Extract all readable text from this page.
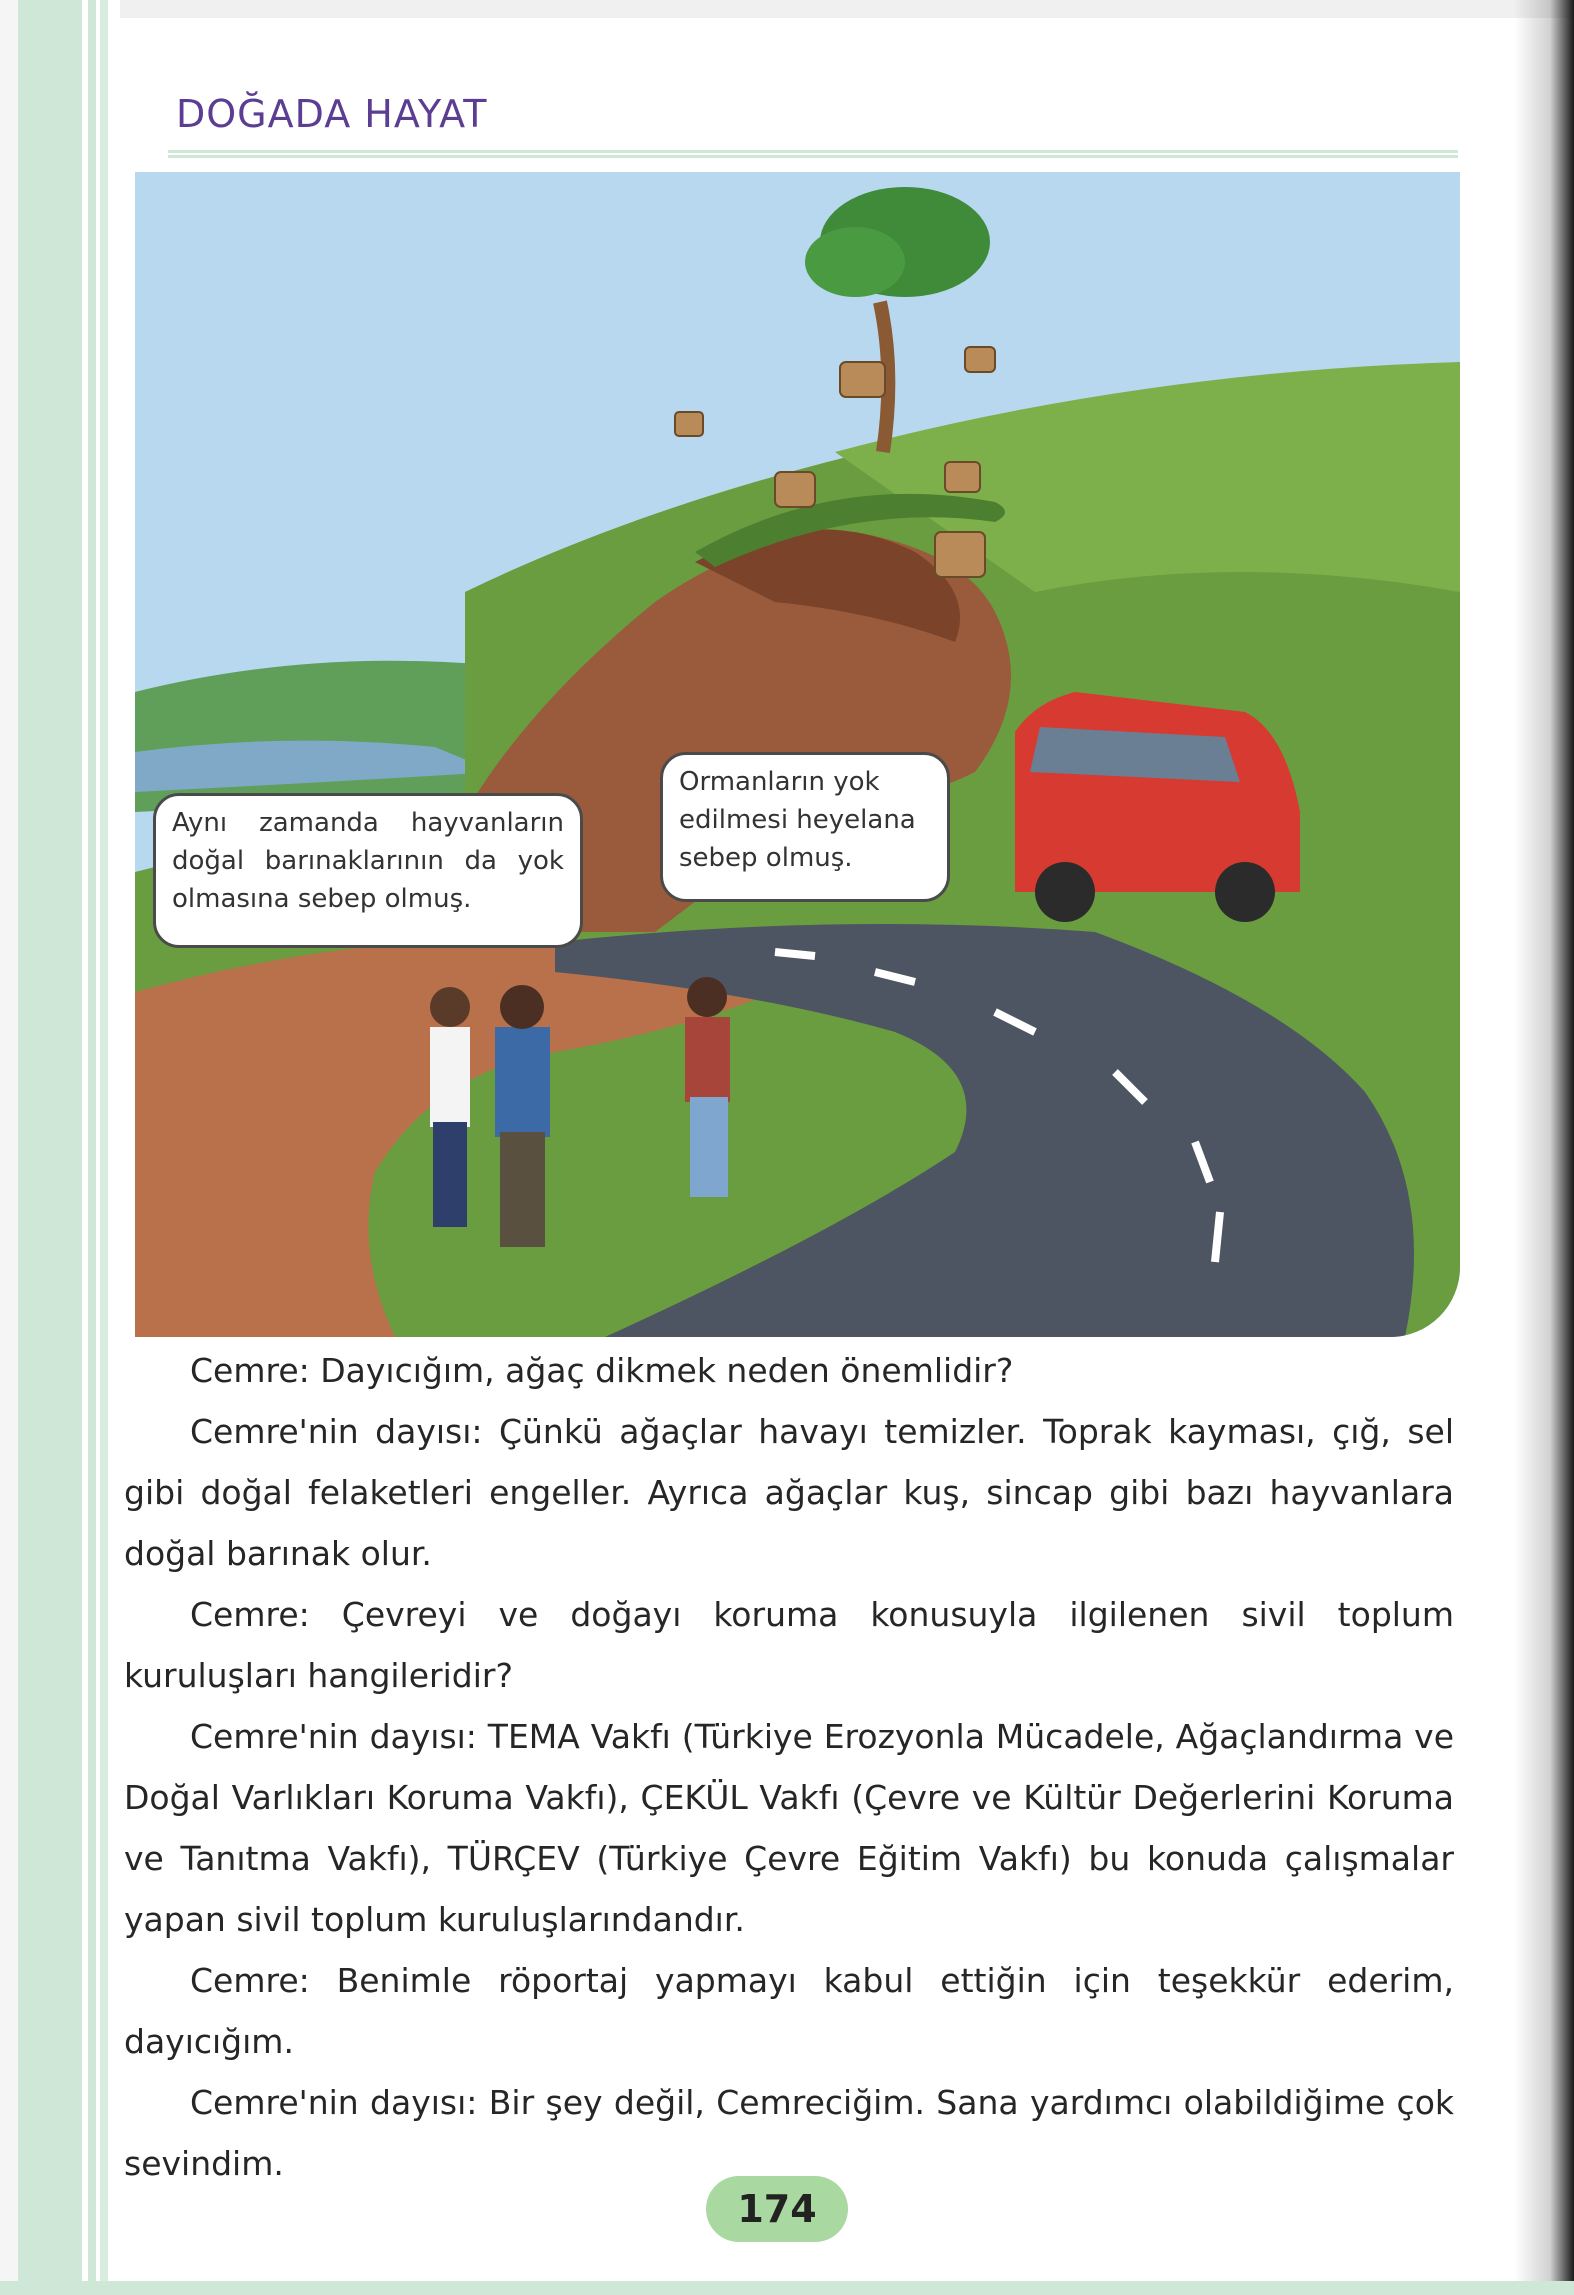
DOĞADA HAYAT
Aynı zamanda hayvanların doğal barınaklarının da yok olmasına sebep olmuş.
Ormanların yok edilmesi heyelana sebep olmuş.

Cemre: Dayıcığım, ağaç dikmek neden önemlidir?

Cemre'nin dayısı: Çünkü ağaçlar havayı temizler. Toprak kayması, çığ, sel gibi doğal felaketleri engeller. Ayrıca ağaçlar kuş, sincap gibi bazı hayvanlara doğal barınak olur.

Cemre: Çevreyi ve doğayı koruma konusuyla ilgilenen sivil toplum kuruluşları hangileridir?

Cemre'nin dayısı: TEMA Vakfı (Türkiye Erozyonla Mücadele, Ağaçlandırma ve Doğal Varlıkları Koruma Vakfı), ÇEKÜL Vakfı (Çevre ve Kültür Değerlerini Koruma ve Tanıtma Vakfı), TÜRÇEV (Türkiye Çevre Eğitim Vakfı) bu konuda çalışmalar yapan sivil toplum kuruluşlarındandır.

Cemre: Benimle röportaj yapmayı kabul ettiğin için teşekkür ederim, dayıcığım.

Cemre'nin dayısı: Bir şey değil, Cemreciğim. Sana yardımcı olabildiğime çok sevindim.

174
